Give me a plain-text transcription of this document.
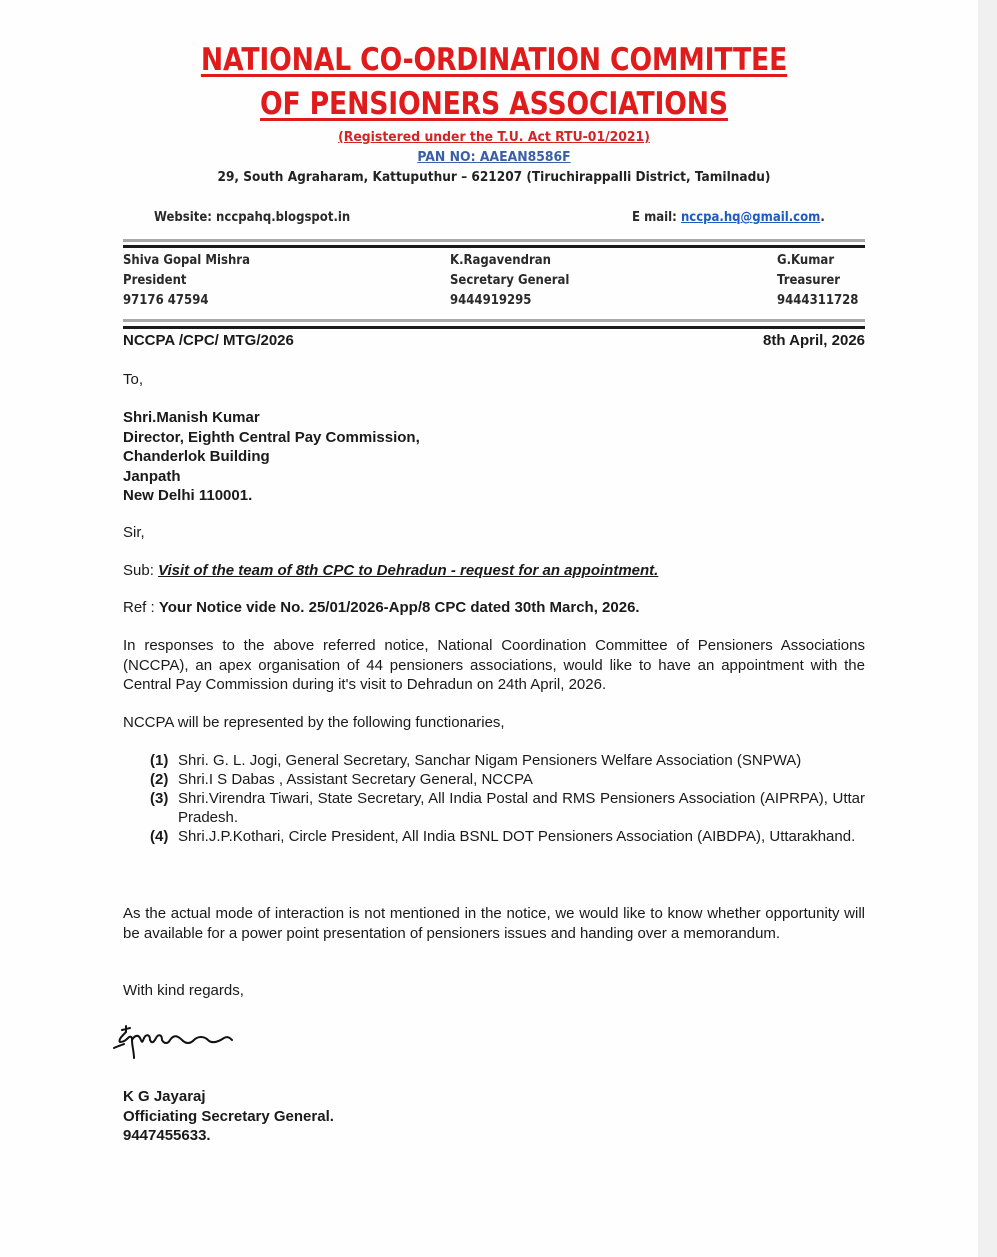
NATIONAL CO-ORDINATION COMMITTEE
OF PENSIONERS ASSOCIATIONS
(Registered under the T.U. Act RTU-01/2021)
PAN NO: AAEAN8586F
29, South Agraharam, Kattuputhur – 621207 (Tiruchirappalli District, Tamilnadu)
Website: nccpahq.blogspot.in	E mail: nccpa.hq@gmail.com.
Shiva Gopal Mishra
President
97176 47594
K.Ragavendran
Secretary General
9444919295
G.Kumar
Treasurer
9444311728
NCCPA /CPC/ MTG/2026	8th April, 2026
To,
Shri.Manish Kumar
Director, Eighth Central Pay Commission,
Chanderlok Building
Janpath
New Delhi 110001.
Sir,
Sub: Visit of the team of 8th CPC to Dehradun - request for an appointment.
Ref : Your Notice vide No. 25/01/2026-App/8 CPC dated 30th March, 2026.
In responses to the above referred notice, National Coordination Committee of Pensioners Associations (NCCPA), an apex organisation of 44 pensioners associations, would like to have an appointment with the Central Pay Commission during it's visit to Dehradun on 24th April, 2026.
NCCPA will be represented by the following functionaries,
(1) Shri. G. L. Jogi, General Secretary, Sanchar Nigam Pensioners Welfare Association (SNPWA)
(2) Shri.I S Dabas , Assistant Secretary General, NCCPA
(3) Shri.Virendra Tiwari, State Secretary, All India Postal and RMS Pensioners Association (AIPRPA), Uttar Pradesh.
(4) Shri.J.P.Kothari, Circle President, All India BSNL DOT Pensioners Association (AIBDPA), Uttarakhand.
As the actual mode of interaction is not mentioned in the notice, we would like to know whether opportunity will be available for a power point presentation of pensioners issues and handing over a memorandum.
With kind regards,
K G Jayaraj
Officiating Secretary General.
9447455633.
